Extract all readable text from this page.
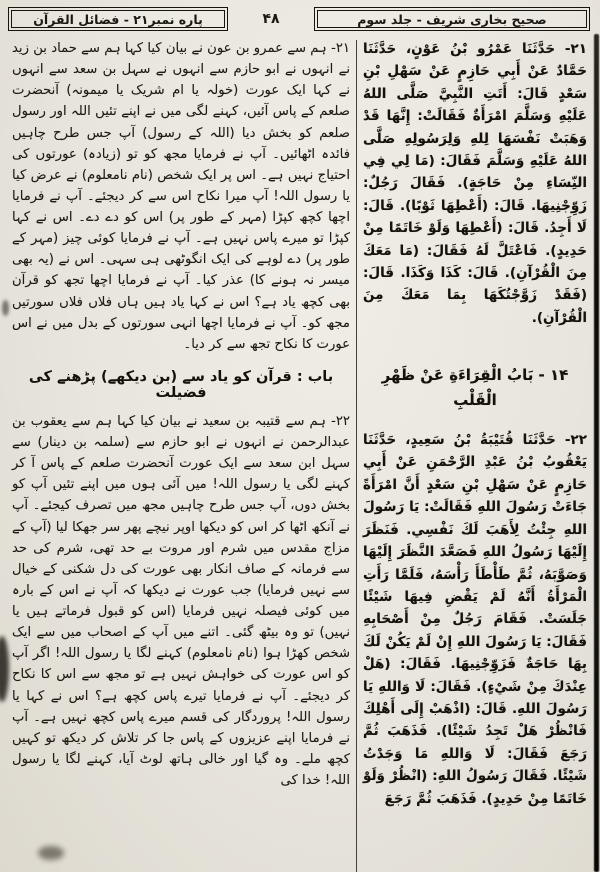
صحیح بخاری شریف - جلد سوم
۴۸
پاره نمبر۲۱ - فضائل القرآن
۲۱- حَدَّثَنَا عَمْرُو بْنُ عَوْنٍ، حَدَّثَنَا حَمَّادٌ عَنْ أَبِي حَازِمٍ عَنْ سَهْلِ بْنِ سَعْدٍ قَالَ: أَتَتِ النَّبِيَّ صَلَّى اللهُ عَلَيْهِ وَسَلَّمَ امْرَأَةٌ فَقَالَتْ: إِنَّهَا قَدْ وَهَبَتْ نَفْسَهَا لِلهِ وَلِرَسُولِهِ صَلَّى اللهُ عَلَيْهِ وَسَلَّمَ فَقَالَ: (مَا لِي فِي النِّسَاءِ مِنْ حَاجَةٍ). فَقَالَ رَجُلٌ: زَوِّجْنِيهَا. قَالَ: (أَعْطِهَا ثَوْبًا). قَالَ: لَا أَجِدُ. قَالَ: (أَعْطِهَا وَلَوْ خَاتَمًا مِنْ حَدِيدٍ). فَاعْتَلَّ لَهُ فَقَالَ: (مَا مَعَكَ مِنَ الْقُرْآنِ). قَالَ: كَذَا وَكَذَا. قَالَ: (فَقَدْ زَوَّجْتُكَهَا بِمَا مَعَكَ مِنَ الْقُرْآنِ).
۱۴ - بَابُ الْقِرَاءَةِ عَنْ ظَهْرِ الْقَلْبِ
۲۲- حَدَّثَنَا قُتَيْبَةُ بْنُ سَعِيدٍ، حَدَّثَنَا يَعْقُوبُ بْنُ عَبْدِ الرَّحْمَنِ عَنْ أَبِي حَازِمٍ عَنْ سَهْلِ بْنِ سَعْدٍ أَنَّ امْرَأَةً جَاءَتْ رَسُولَ اللهِ فَقَالَتْ: يَا رَسُولَ اللهِ جِئْتُ لِأَهَبَ لَكَ نَفْسِي. فَنَظَرَ إِلَيْهَا رَسُولُ اللهِ فَصَعَّدَ النَّظَرَ إِلَيْهَا وَصَوَّبَهُ، ثُمَّ طَأْطَأَ رَأْسَهُ، فَلَمَّا رَأَتِ الْمَرْأَةُ أَنَّهُ لَمْ يَقْضِ فِيهَا شَيْئًا جَلَسَتْ. فَقَامَ رَجُلٌ مِنْ أَصْحَابِهِ فَقَالَ: يَا رَسُولَ اللهِ إِنْ لَمْ يَكُنْ لَكَ بِهَا حَاجَةٌ فَزَوِّجْنِيهَا. فَقَالَ: (هَلْ عِنْدَكَ مِنْ شَيْءٍ). فَقَالَ: لَا وَاللهِ يَا رَسُولَ اللهِ. قَالَ: (اذْهَبْ إِلَى أَهْلِكَ فَانْظُرْ هَلْ تَجِدُ شَيْئًا). فَذَهَبَ ثُمَّ رَجَعَ فَقَالَ: لَا وَاللهِ مَا وَجَدْتُ شَيْئًا. فَقَالَ رَسُولُ اللهِ: (انْظُرْ وَلَوْ خَاتَمًا مِنْ حَدِيدٍ). فَذَهَبَ ثُمَّ رَجَعَ
۲۱- ہم سے عمرو بن عون نے بیان کیا کہا ہم سے حماد بن زید نے انہوں نے ابو حازم سے انہوں نے سہل بن سعد سے انہوں نے کہا ایک عورت (خولہ یا ام شریک یا میمونہ) آنحضرت صلعم کے پاس آئیں، کہنے لگی میں نے اپنے تئیں اللہ اور رسول صلعم کو بخش دیا (اللہ کے رسول) آپ جس طرح چاہیں فائدہ اٹھائیں۔ آپ نے فرمایا مجھ کو تو (زیادہ) عورتوں کی احتیاج نہیں ہے۔ اس پر ایک شخص (نام نامعلوم) نے عرض کیا یا رسول اللہ! آپ میرا نکاح اس سے کر دیجئے۔ آپ نے فرمایا اچھا کچھ کپڑا (مہر کے طور پر) اس کو دے دے۔ اس نے کہا کپڑا تو میرے پاس نہیں ہے۔ آپ نے فرمایا کوئی چیز (مہر کے طور پر) دے لوہے کی ایک انگوٹھی ہی سہی۔ اس نے (یہ بھی میسر نہ ہونے کا) عذر کیا۔ آپ نے فرمایا اچھا تجھ کو قرآن بھی کچھ یاد ہے؟ اس نے کہا یاد ہیں ہاں فلاں فلاں سورتیں مجھ کو۔ آپ نے فرمایا اچھا انہی سورتوں کے بدل میں نے اس عورت کا نکاح تجھ سے کر دیا۔
باب : قرآن کو یاد سے (بن دیکھے) پڑھنے کی فضیلت
۲۲- ہم سے قتیبہ بن سعید نے بیان کیا کہا ہم سے یعقوب بن عبدالرحمن نے انہوں نے ابو حازم سے (سلمہ بن دینار) سے سہل ابن سعد سے ایک عورت آنحضرت صلعم کے پاس آ کر کہنے لگی یا رسول اللہ! میں آئی ہوں میں اپنے تئیں آپ کو بخش دوں، آپ جس طرح چاہیں مجھ میں تصرف کیجئے۔ آپ نے آنکھ اٹھا کر اس کو دیکھا اوپر نیچے پھر سر جھکا لیا (آپ کے مزاج مقدس میں شرم اور مروت بے حد تھی، شرم کی حد سے فرمانہ کے صاف انکار بھی عورت کی دل شکنی کے خیال سے نہیں فرمایا) جب عورت نے دیکھا کہ آپ نے اس کے بارہ میں کوئی فیصلہ نہیں فرمایا (اس کو قبول فرماتے ہیں یا نہیں) تو وہ بیٹھ گئی۔ اتنے میں آپ کے اصحاب میں سے ایک شخص کھڑا ہوا (نام نامعلوم) کہنے لگا یا رسول اللہ! اگر آپ کو اس عورت کی خواہش نہیں ہے تو مجھ سے اس کا نکاح کر دیجئے۔ آپ نے فرمایا تیرے پاس کچھ ہے؟ اس نے کہا یا رسول اللہ! پروردگار کی قسم میرے پاس کچھ نہیں ہے۔ آپ نے فرمایا اپنے عزیزوں کے پاس جا کر تلاش کر دیکھ تو کہیں کچھ ملے۔ وہ گیا اور خالی ہاتھ لوٹ آیا، کہنے لگا یا رسول اللہ! خدا کی
